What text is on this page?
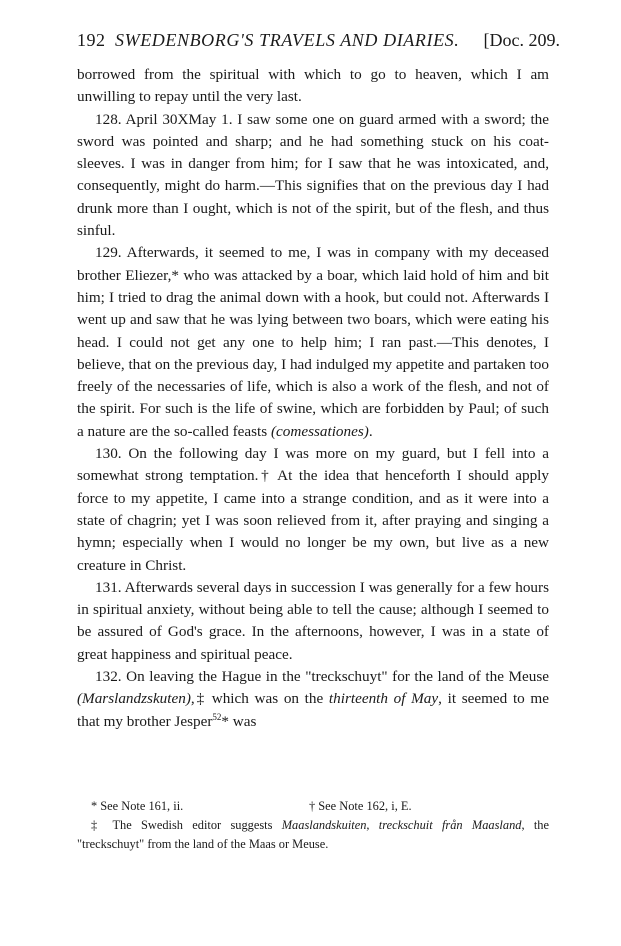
192 SWEDENBORG'S TRAVELS AND DIARIES. [Doc. 209.

borrowed from the spiritual with which to go to heaven, which I am unwilling to repay until the very last.

128. April 30XMay 1. I saw some one on guard armed with a sword; the sword was pointed and sharp; and he had something stuck on his coat-sleeves. I was in danger from him; for I saw that he was intoxicated, and, consequently, might do harm.—This signifies that on the previous day I had drunk more than I ought, which is not of the spirit, but of the flesh, and thus sinful.

129. Afterwards, it seemed to me, I was in company with my deceased brother Eliezer,* who was attacked by a boar, which laid hold of him and bit him; I tried to drag the animal down with a hook, but could not. Afterwards I went up and saw that he was lying between two boars, which were eating his head. I could not get any one to help him; I ran past.—This denotes, I believe, that on the previous day, I had indulged my appetite and partaken too freely of the necessaries of life, which is also a work of the flesh, and not of the spirit. For such is the life of swine, which are forbidden by Paul; of such a nature are the so-called feasts (comessationes).

130. On the following day I was more on my guard, but I fell into a somewhat strong temptation.† At the idea that henceforth I should apply force to my appetite, I came into a strange condition, and as it were into a state of chagrin; yet I was soon relieved from it, after praying and singing a hymn; especially when I would no longer be my own, but live as a new creature in Christ.

131. Afterwards several days in succession I was generally for a few hours in spiritual anxiety, without being able to tell the cause; although I seemed to be assured of God's grace. In the afternoons, however, I was in a state of great happiness and spiritual peace.

132. On leaving the Hague in the "treckschuyt" for the land of the Meuse (Marslandzskuten),‡ which was on the thirteenth of May, it seemed to me that my brother Jesper$^{52}$* was

* See Note 161, ii.	† See Note 162, i, E.
‡ The Swedish editor suggests Maaslandskuiten, treckschuit från Maasland, the "treckschuyt" from the land of the Maas or Meuse.
